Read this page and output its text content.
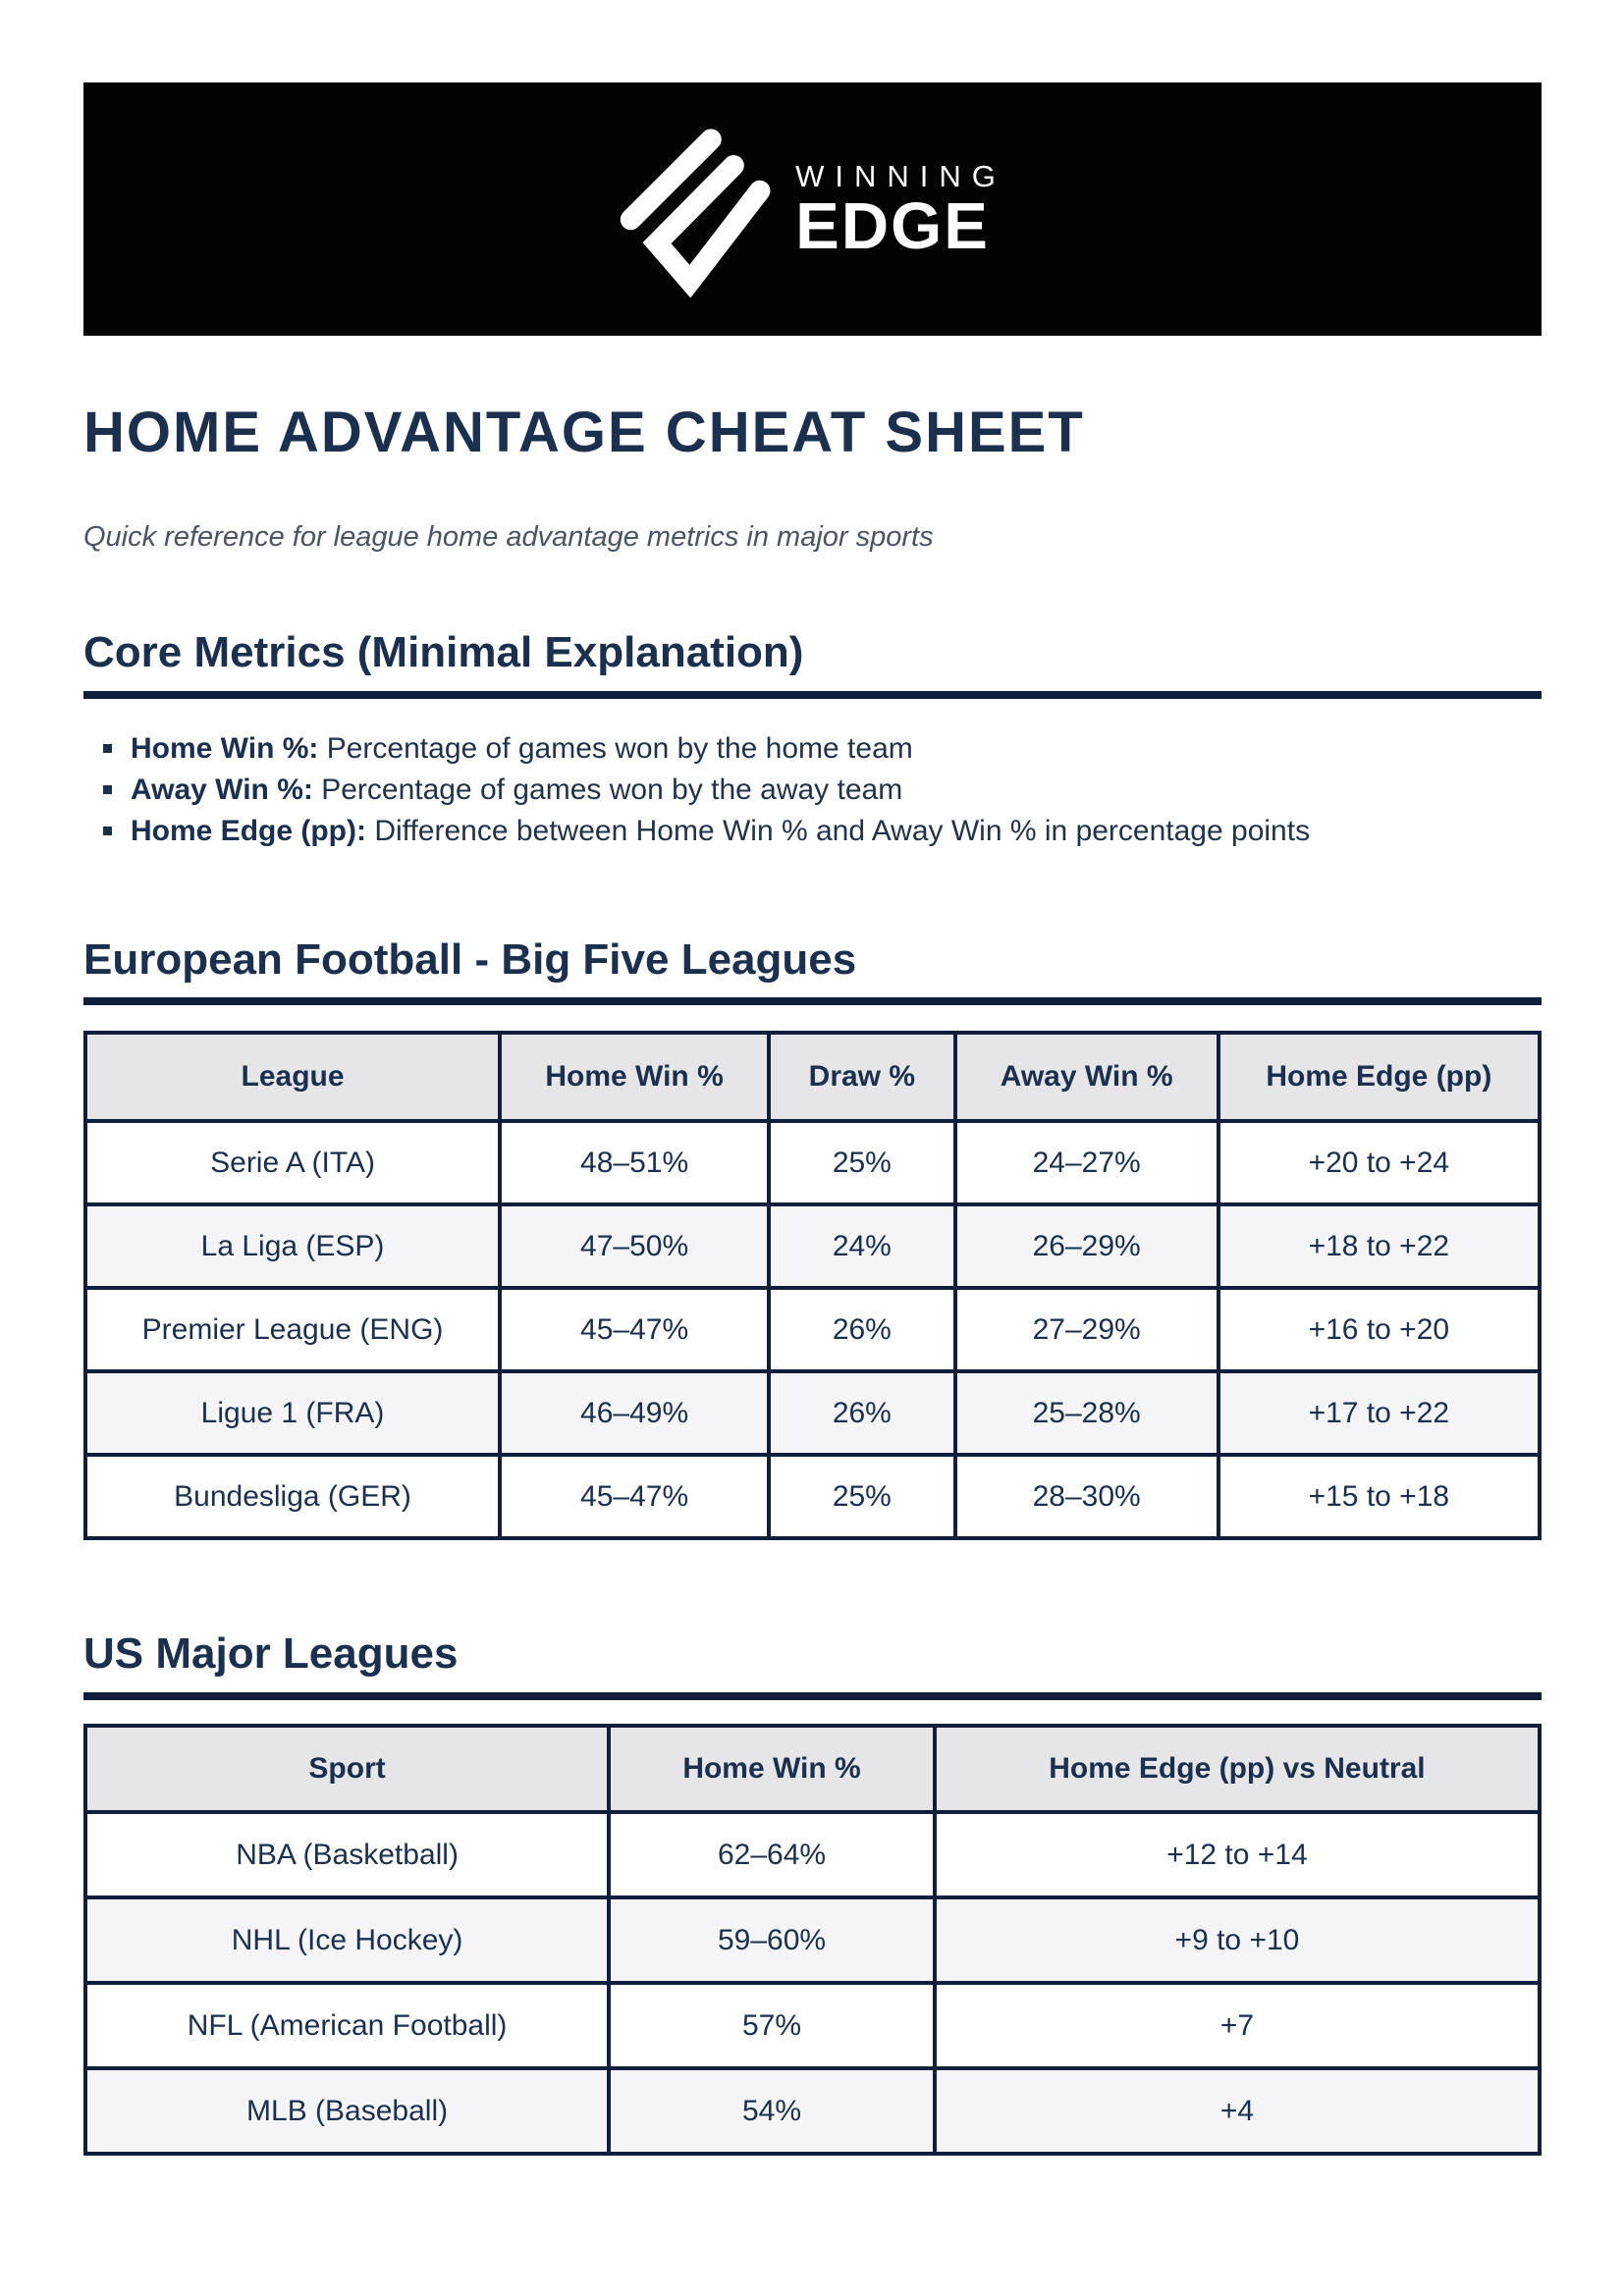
WINNING
EDGE
HOME ADVANTAGE CHEAT SHEET

Quick reference for league home advantage metrics in major sports

Core Metrics (Minimal Explanation)
Home Win %: Percentage of games won by the home team
Away Win %: Percentage of games won by the away team
Home Edge (pp): Difference between Home Win % and Away Win % in percentage points
European Football - Big Five Leagues
League	Home Win %	Draw %	Away Win %	Home Edge (pp)
Serie A (ITA)	48–51%	25%	24–27%	+20 to +24
La Liga (ESP)	47–50%	24%	26–29%	+18 to +22
Premier League (ENG)	45–47%	26%	27–29%	+16 to +20
Ligue 1 (FRA)	46–49%	26%	25–28%	+17 to +22
Bundesliga (GER)	45–47%	25%	28–30%	+15 to +18
US Major Leagues
Sport	Home Win %	Home Edge (pp) vs Neutral
NBA (Basketball)	62–64%	+12 to +14
NHL (Ice Hockey)	59–60%	+9 to +10
NFL (American Football)	57%	+7
MLB (Baseball)	54%	+4
